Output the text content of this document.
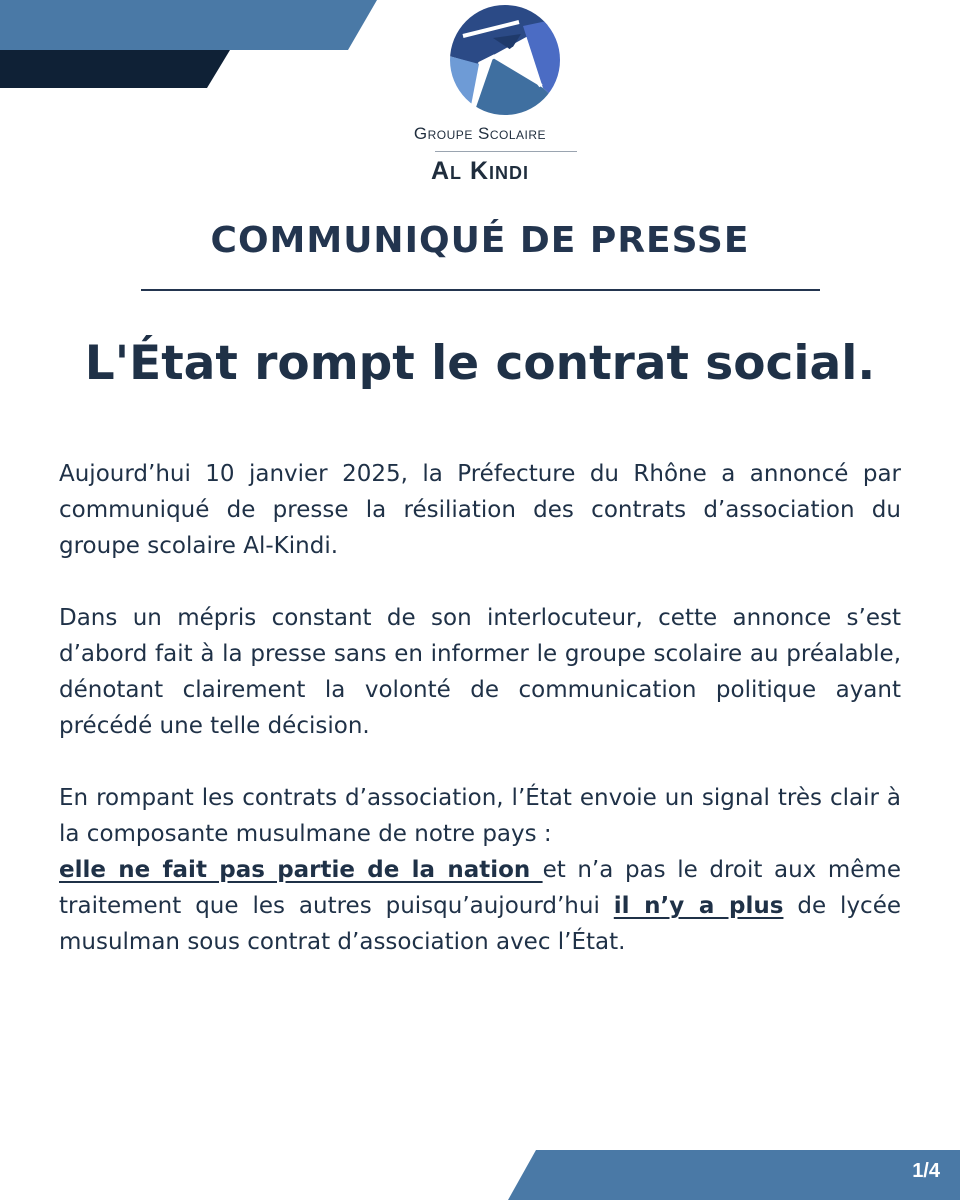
Groupe Scolaire
Al Kindi
COMMUNIQUÉ DE PRESSE
L'État rompt le contrat social.

Aujourd’hui 10 janvier 2025, la Préfecture du Rhône a annoncé par communiqué de presse la résiliation des contrats d’association du groupe scolaire Al-Kindi.

Dans un mépris constant de son interlocuteur, cette annonce s’est d’abord fait à la presse sans en informer le groupe scolaire au préalable, dénotant clairement la volonté de communication politique ayant précédé une telle décision.

En rompant les contrats d’association, l’État envoie un signal très clair à la composante musulmane de notre pays :

elle ne fait pas partie de la nation et n’a pas le droit aux même traitement que les autres puisqu’aujourd’hui il n’y a plus de lycée musulman sous contrat d’association avec l’État.

1/4
